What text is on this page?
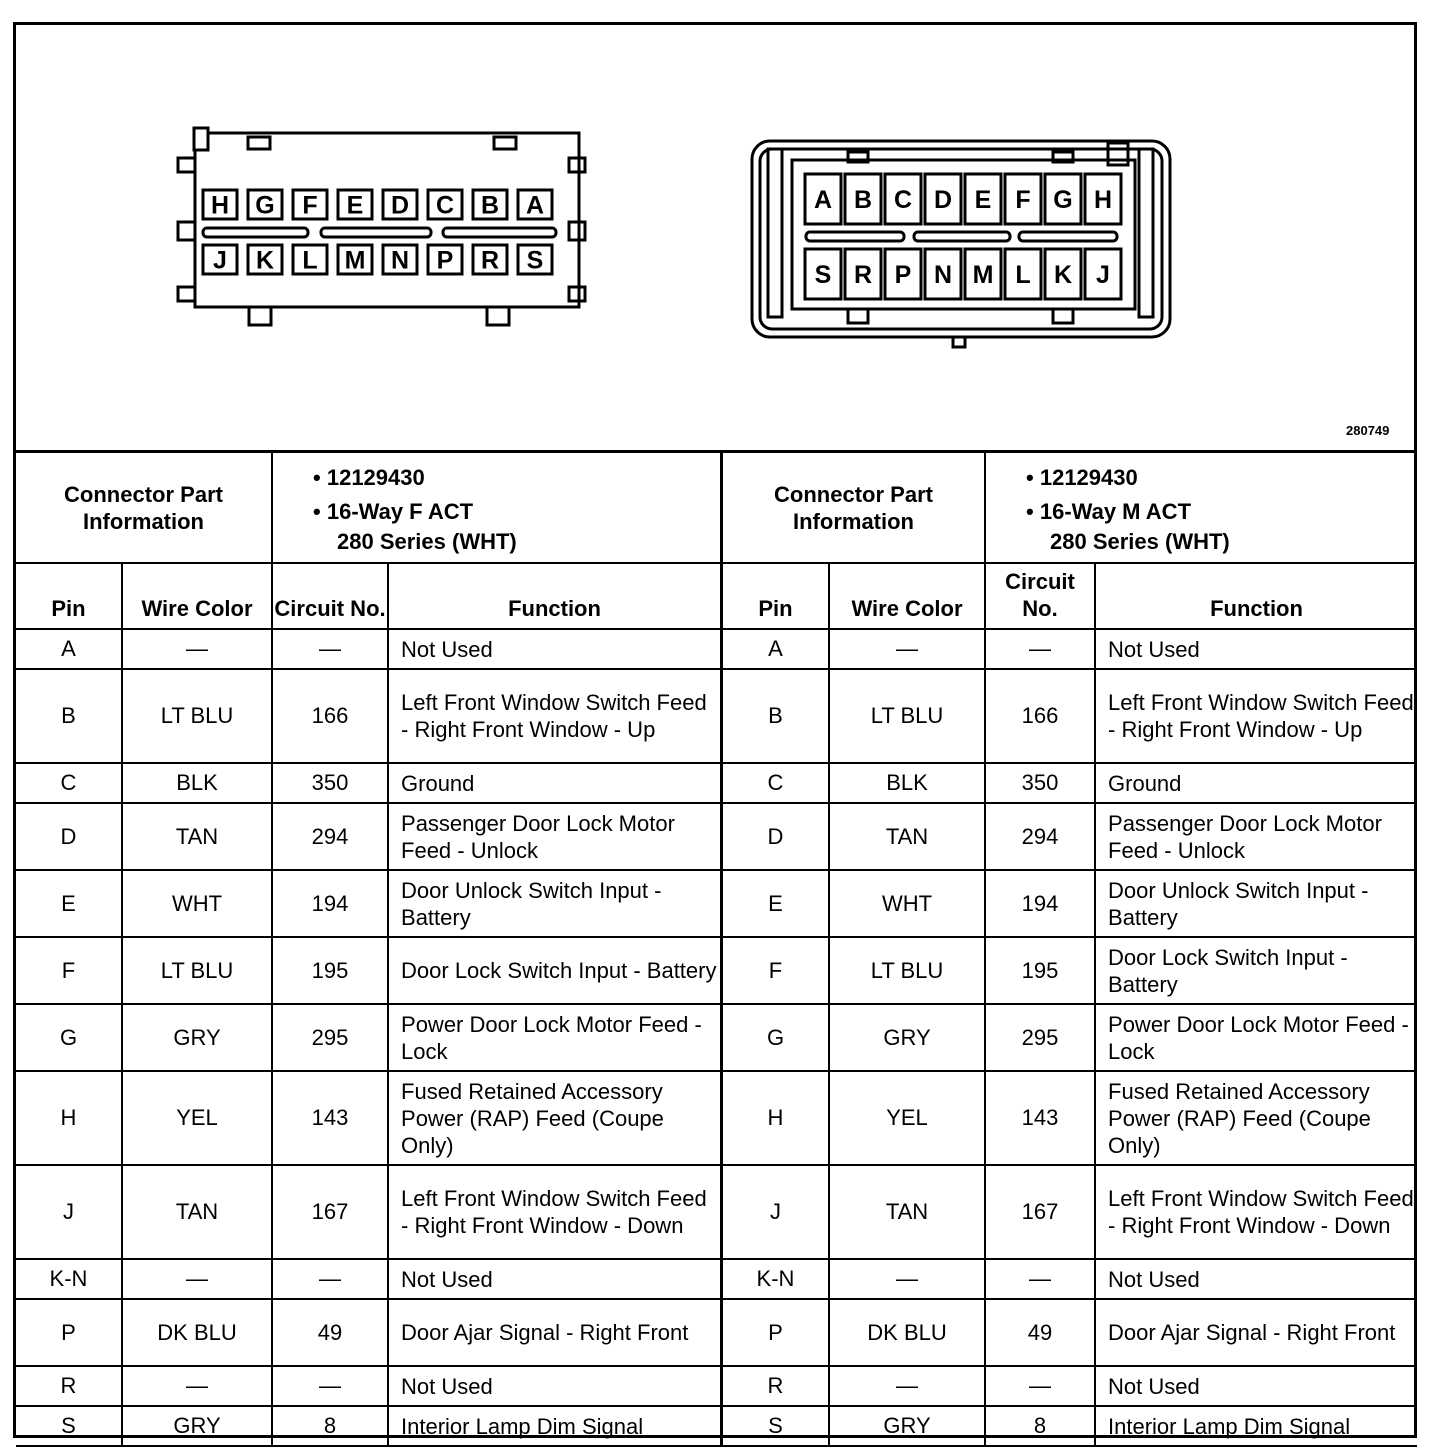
H G F E D C B A
J K L M N P R S
A B C D E F G H
S R P N M L K J
280749
Connector Part Information		• 12129430
• 16-Way F ACT
280 Series (WHT)	

Pin	Wire Color	Circuit No.	Function
A	—	—	Not Used
B	LT BLU	166	Left Front Window Switch Feed - Right Front Window - Up
C	BLK	350	Ground
D	TAN	294	Passenger Door Lock Motor Feed - Unlock
E	WHT	194	Door Unlock Switch Input - Battery
F	LT BLU	195	Door Lock Switch Input - Battery
G	GRY	295	Power Door Lock Motor Feed - Lock
H	YEL	143	Fused Retained Accessory Power (RAP) Feed (Coupe Only)
J	TAN	167	Left Front Window Switch Feed - Right Front Window - Down
K-N	—	—	Not Used
P	DK BLU	49	Door Ajar Signal - Right Front
R	—	—	Not Used
S	GRY	8	Interior Lamp Dim Signal
Connector Part Information		• 12129430
• 16-Way M ACT
280 Series (WHT)	

Pin	Wire Color	Circuit No.	Function
A	—	—	Not Used
B	LT BLU	166	Left Front Window Switch Feed - Right Front Window - Up
C	BLK	350	Ground
D	TAN	294	Passenger Door Lock Motor Feed - Unlock
E	WHT	194	Door Unlock Switch Input - Battery
F	LT BLU	195	Door Lock Switch Input - Battery
G	GRY	295	Power Door Lock Motor Feed - Lock
H	YEL	143	Fused Retained Accessory Power (RAP) Feed (Coupe Only)
J	TAN	167	Left Front Window Switch Feed - Right Front Window - Down
K-N	—	—	Not Used
P	DK BLU	49	Door Ajar Signal - Right Front
R	—	—	Not Used
S	GRY	8	Interior Lamp Dim Signal
